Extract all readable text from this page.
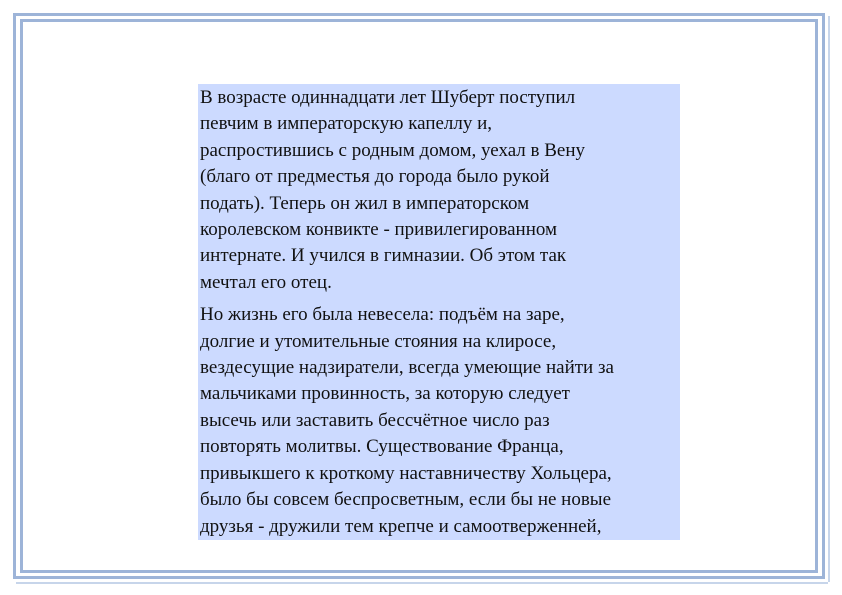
В возрасте одиннадцати лет Шуберт поступил
певчим в императорскую капеллу и,
распростившись с родным домом, уехал в Вену
(благо от предместья до города было рукой
подать). Теперь он жил в императорском
королевском конвикте - привилегированном
интернате. И учился в гимназии. Об этом так
мечтал его отец.

Но жизнь его была невесела: подъём на заре,
долгие и утомительные стояния на клиросе,
вездесущие надзиратели, всегда умеющие найти за
мальчиками провинность, за которую следует
высечь или заставить бессчётное число раз
повторять молитвы. Существование Франца,
привыкшего к кроткому наставничеству Хольцера,
было бы совсем беспросветным, если бы не новые
друзья - дружили тем крепче и самоотверженней,
